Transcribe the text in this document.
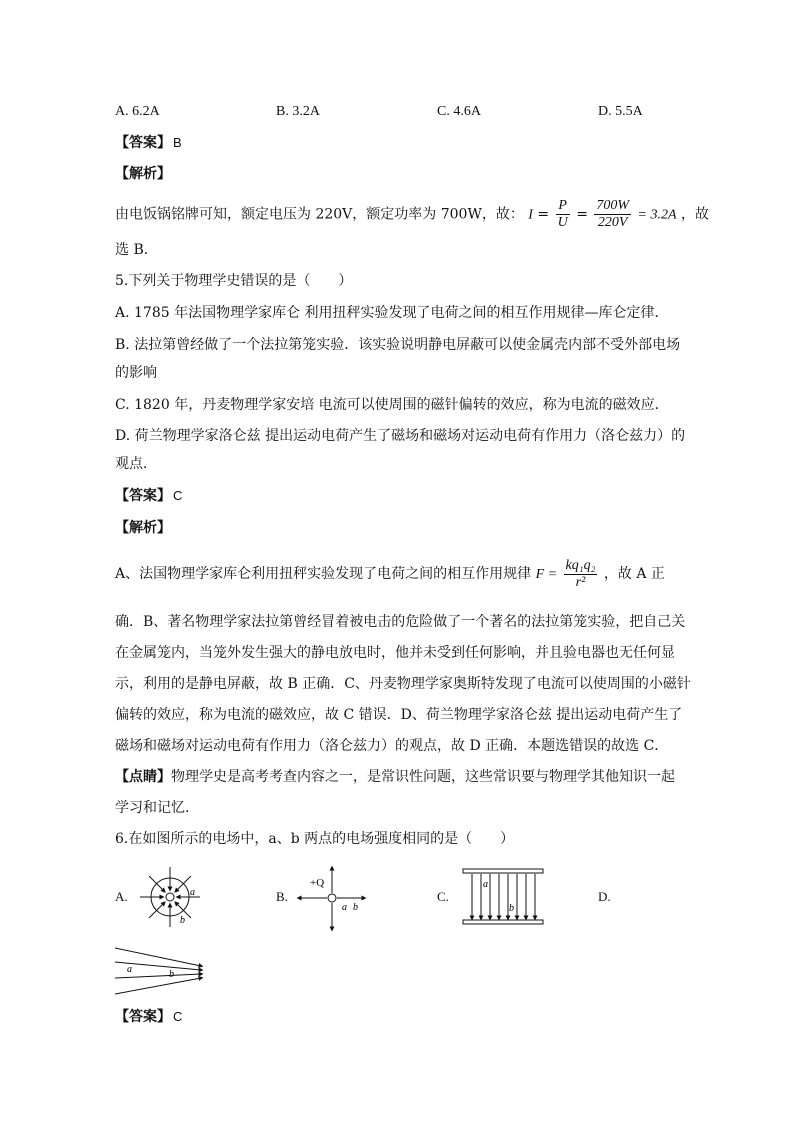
A. 6.2A	B. 3.2A	C. 4.6A	D. 5.5A
【答案】 B
【解析】
由电饭锅铭牌可知，额定电压为 220V，额定功率为 700W，故： $I = \frac{P}{U} = \frac{700W}{220V} = 3.2A$ ，故
选 B．
5.下列关于物理学史错误的是（　　）
A. 1785 年法国物理学家库仑 利用扭秤实验发现了电荷之间的相互作用规律—库仑定律．
B. 法拉第曾经做了一个法拉第笼实验．该实验说明静电屏蔽可以使金属壳内部不受外部电场
的影响
C. 1820 年，丹麦物理学家安培 电流可以使周围的磁针偏转的效应，称为电流的磁效应．
D. 荷兰物理学家洛仑兹 提出运动电荷产生了磁场和磁场对运动电荷有作用力（洛仑兹力）的
观点．
【答案】 C
【解析】
A、法国物理学家库仑利用扭秤实验发现了电荷之间的相互作用规律 $F = \frac{\text{kq₁q₂}}{\text{r²}}$ ，故 A 正
确．B、著名物理学家法拉第曾经冒着被电击的危险做了一个著名的法拉第笼实验，把自己关
在金属笼内，当笼外发生强大的静电放电时，他并未受到任何影响，并且验电器也无任何显
示，利用的是静电屏蔽，故 B 正确．C、丹麦物理学家奥斯特发现了电流可以使周围的小磁针
偏转的效应，称为电流的磁效应，故 C 错误．D、荷兰物理学家洛仑兹 提出运动电荷产生了
磁场和磁场对运动电荷有作用力（洛仑兹力）的观点，故 D 正确．本题选错误的故选 C．
【点睛】物理学史是高考考查内容之一，是常识性问题，这些常识要与物理学其他知识一起
学习和记忆．
6.在如图所示的电场中，a、b 两点的电场强度相同的是（　　）
A.	B.	C.	D.
a
b
+Q
a b
a
b
a	b
【答案】 C
